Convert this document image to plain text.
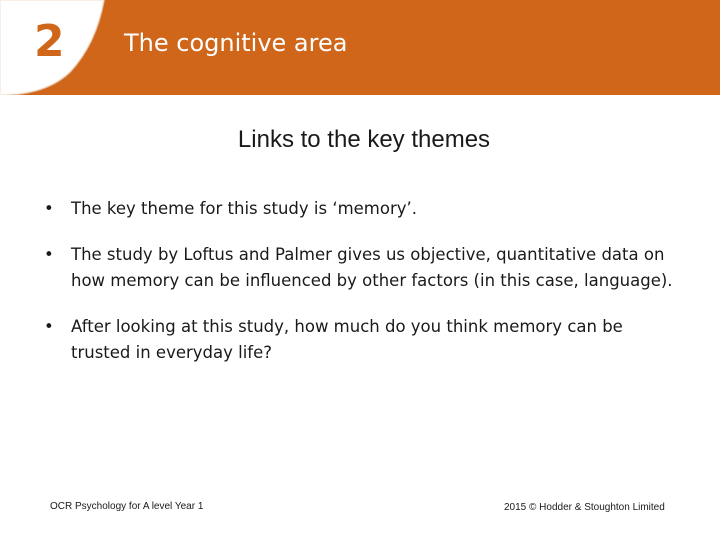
2 The cognitive area
Links to the key themes
• The key theme for this study is ‘memory’.
• The study by Loftus and Palmer gives us objective, quantitative data on how memory can be influenced by other factors (in this case, language).
• After looking at this study, how much do you think memory can be trusted in everyday life?
OCR Psychology for A level Year 1	2015 © Hodder & Stoughton Limited
